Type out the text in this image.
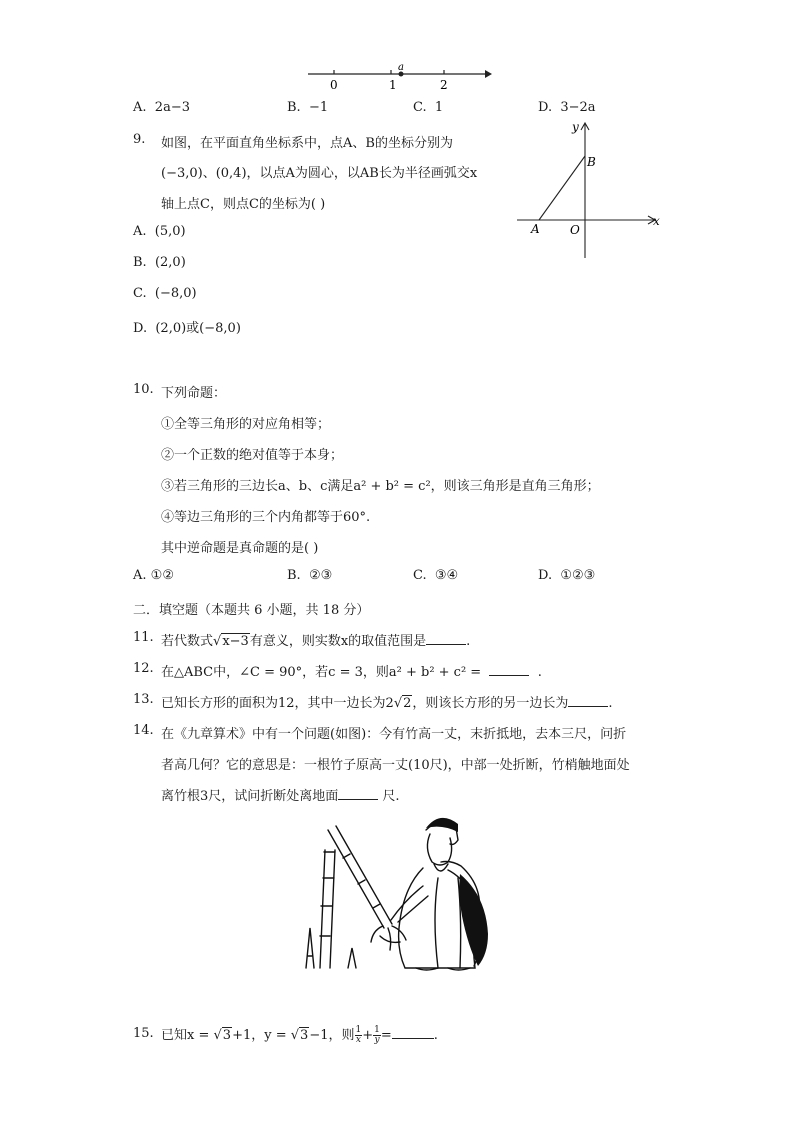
0	1	2
a
A. 2a−3	B. −1	C. 1	D. 3−2a
9. 如图，在平面直角坐标系中，点A、B的坐标分别为
(−3,0)、(0,4)，以点A为圆心，以AB长为半径画弧交x
轴上点C，则点C的坐标为( )
x
y
A
B
O
A. (5,0)
B. (2,0)
C. (−8,0)
D. (2,0)或(−8,0)
10. 下列命题：
①全等三角形的对应角相等；
②一个正数的绝对值等于本身；
③若三角形的三边长a、b、c满足a² + b² = c²，则该三角形是直角三角形；
④等边三角形的三个内角都等于60°.
其中逆命题是真命题的是( )
A. ①②	B. ②③	C. ③④	D. ①②③
二．填空题（本题共 6 小题，共 18 分）
11. 若代数式√x−3有意义，则实数x的取值范围是	.
12. 在△ABC中，∠C = 90°，若c = 3，则a² + b² + c² =	.
13. 已知长方形的面积为12，其中一边长为2√2，则该长方形的另一边长为	.
14. 在《九章算术》中有一个问题(如图)：今有竹高一丈，末折抵地，去本三尺，问折
者高几何？它的意思是：一根竹子原高一丈(10尺)，中部一处折断，竹梢触地面处
离竹根3尺，试问折断处离地面	尺.
15. 已知x = √3+1，y = √3−1，则 $\frac{1}{x} + \frac{1}{y}$ =	.
